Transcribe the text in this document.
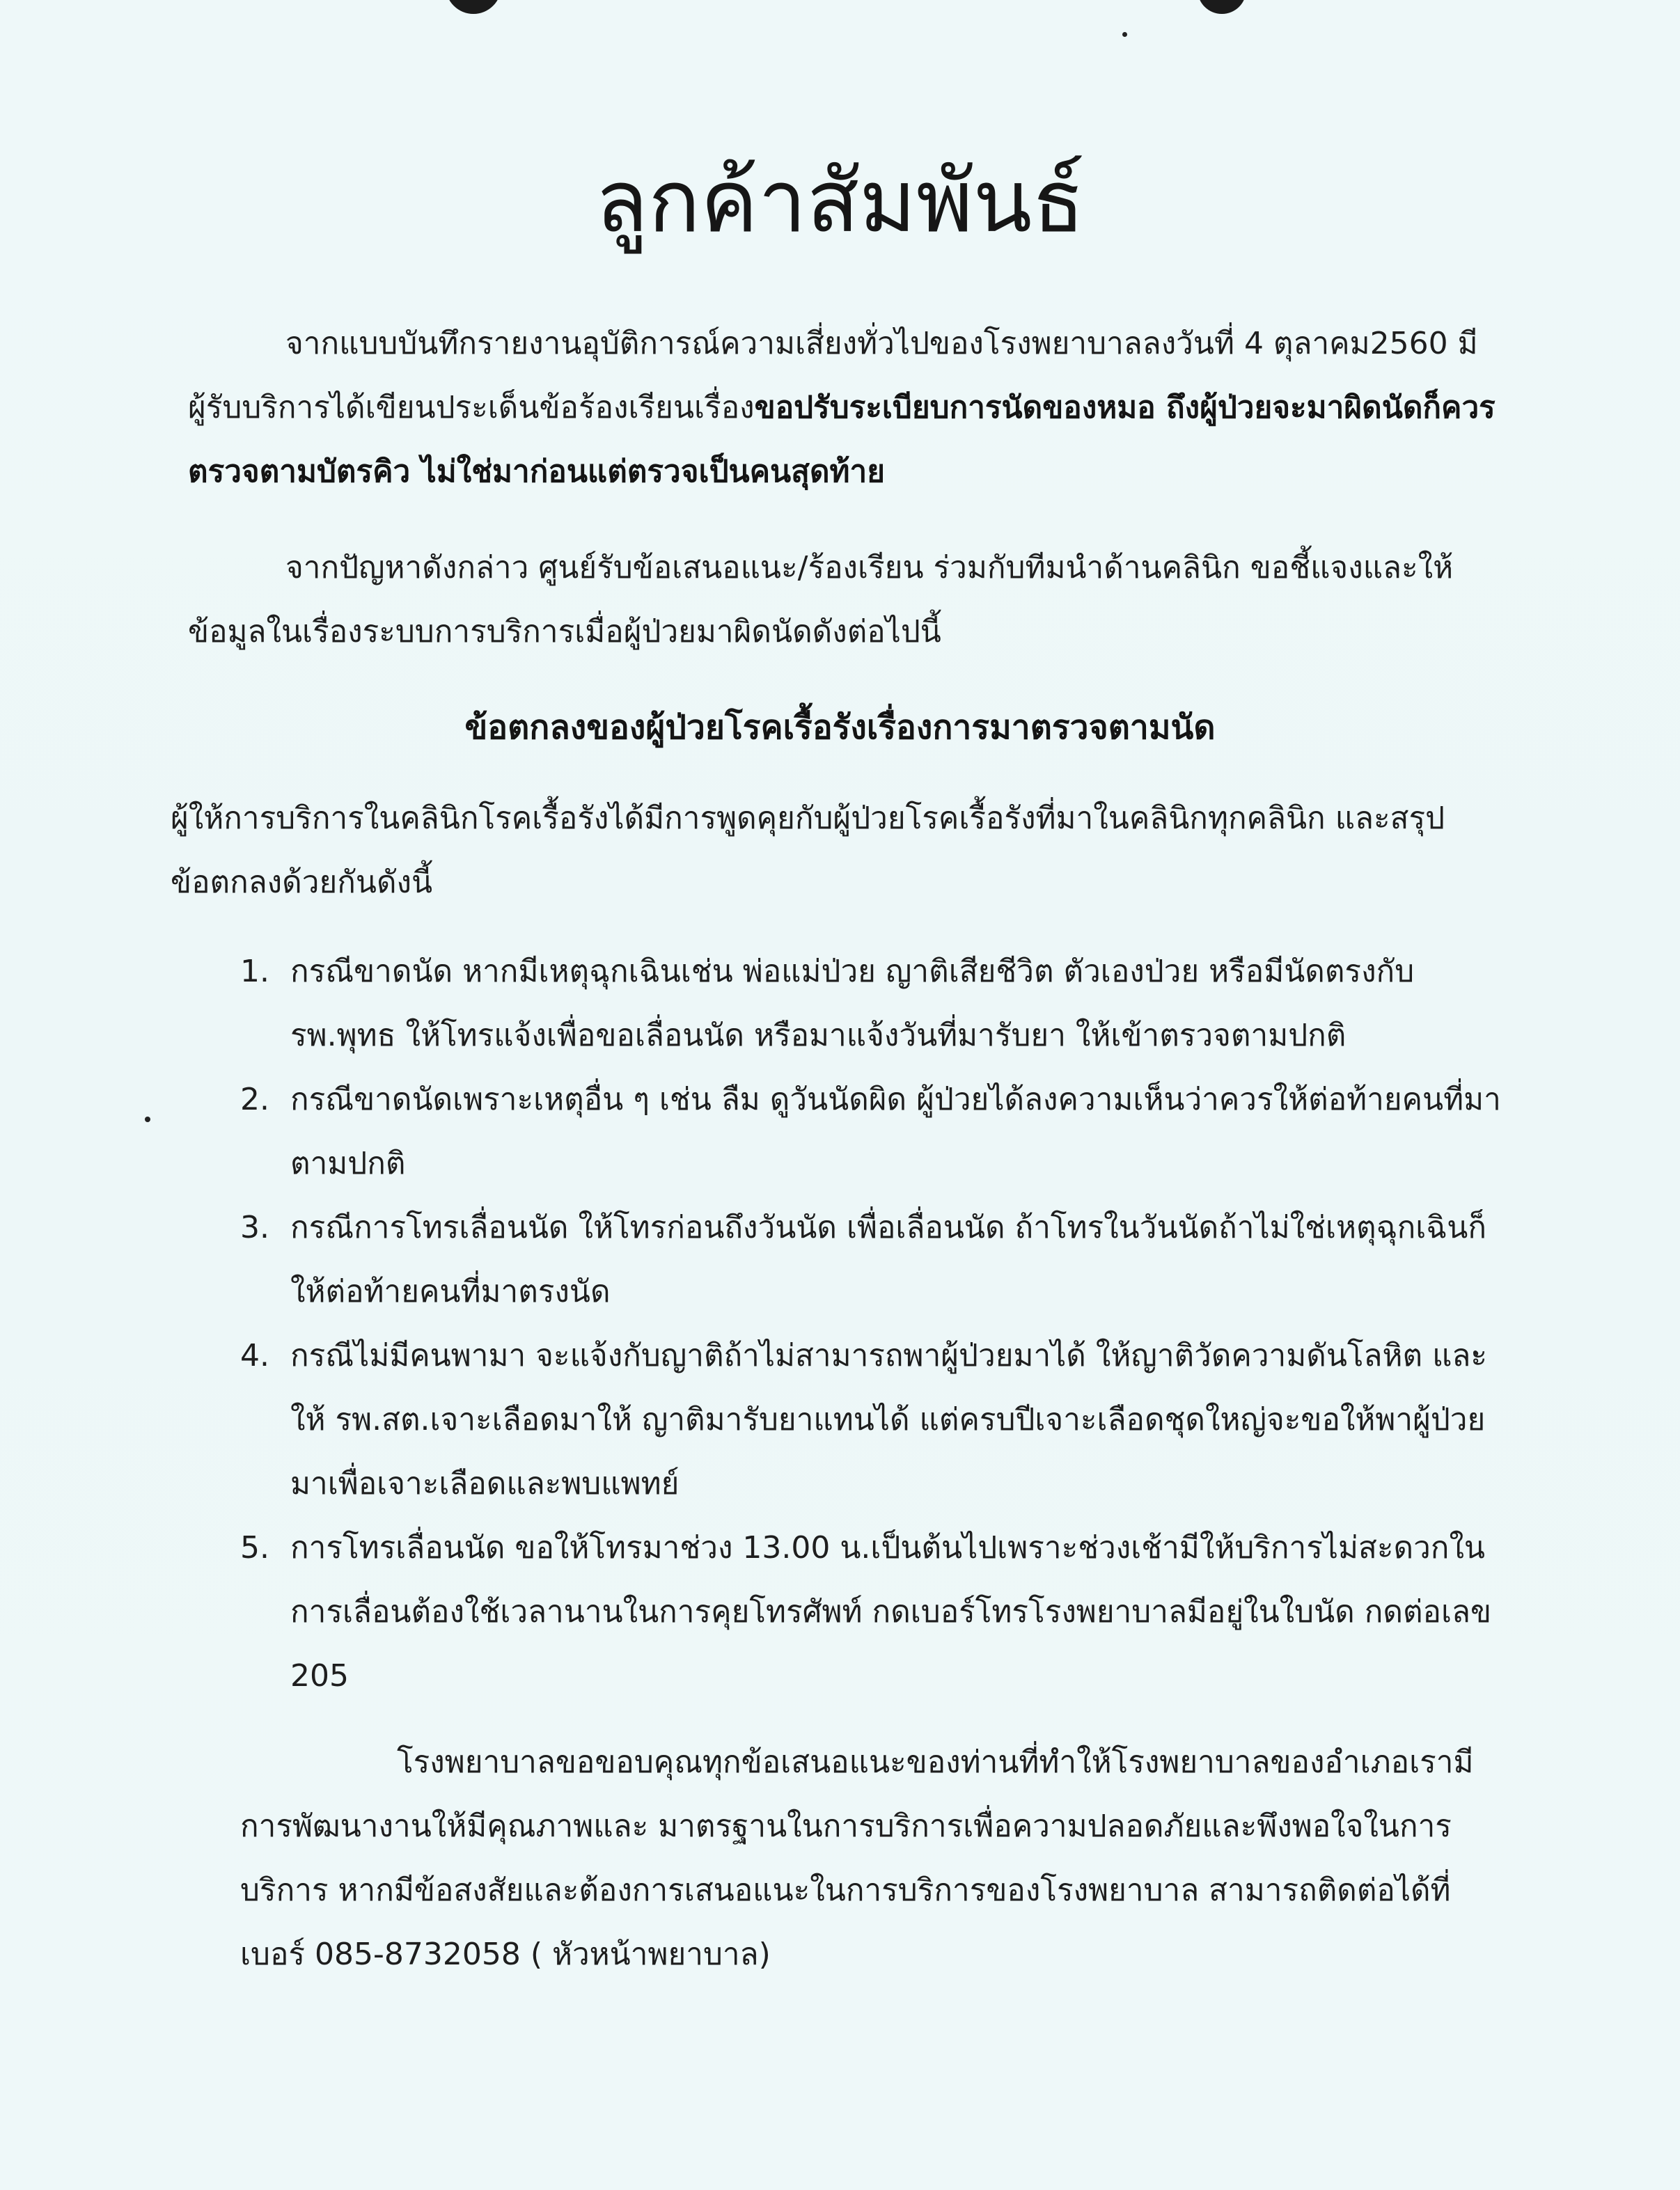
ลูกค้าสัมพันธ์

จากแบบบันทึกรายงานอุบัติการณ์ความเสี่ยงทั่วไปของโรงพยาบาลลงวันที่ 4 ตุลาคม2560 มีผู้รับบริการได้เขียนประเด็นข้อร้องเรียนเรื่องขอปรับระเบียบการนัดของหมอ ถึงผู้ป่วยจะมาผิดนัดก็ควรตรวจตามบัตรคิว ไม่ใช่มาก่อนแต่ตรวจเป็นคนสุดท้าย

จากปัญหาดังกล่าว ศูนย์รับข้อเสนอแนะ/ร้องเรียน ร่วมกับทีมนำด้านคลินิก ขอชี้แจงและให้ข้อมูลในเรื่องระบบการบริการเมื่อผู้ป่วยมาผิดนัดดังต่อไปนี้

ข้อตกลงของผู้ป่วยโรคเรื้อรังเรื่องการมาตรวจตามนัด

ผู้ให้การบริการในคลินิกโรคเรื้อรังได้มีการพูดคุยกับผู้ป่วยโรคเรื้อรังที่มาในคลินิกทุกคลินิก และสรุปข้อตกลงด้วยกันดังนี้

1. กรณีขาดนัด หากมีเหตุฉุกเฉินเช่น พ่อแม่ป่วย ญาติเสียชีวิต ตัวเองป่วย หรือมีนัดตรงกับ รพ.พุทธ ให้โทรแจ้งเพื่อขอเลื่อนนัด หรือมาแจ้งวันที่มารับยา ให้เข้าตรวจตามปกติ
2. กรณีขาดนัดเพราะเหตุอื่น ๆ เช่น ลืม ดูวันนัดผิด ผู้ป่วยได้ลงความเห็นว่าควรให้ต่อท้ายคนที่มาตามปกติ
3. กรณีการโทรเลื่อนนัด ให้โทรก่อนถึงวันนัด เพื่อเลื่อนนัด ถ้าโทรในวันนัดถ้าไม่ใช่เหตุฉุกเฉินก็ให้ต่อท้ายคนที่มาตรงนัด
4. กรณีไม่มีคนพามา จะแจ้งกับญาติถ้าไม่สามารถพาผู้ป่วยมาได้ ให้ญาติวัดความดันโลหิต และให้ รพ.สต.เจาะเลือดมาให้ ญาติมารับยาแทนได้ แต่ครบปีเจาะเลือดชุดใหญ่จะขอให้พาผู้ป่วยมาเพื่อเจาะเลือดและพบแพทย์
5. การโทรเลื่อนนัด ขอให้โทรมาช่วง 13.00 น.เป็นต้นไปเพราะช่วงเช้ามีให้บริการไม่สะดวกในการเลื่อนต้องใช้เวลานานในการคุยโทรศัพท์ กดเบอร์โทรโรงพยาบาลมีอยู่ในใบนัด กดต่อเลข 205

โรงพยาบาลขอขอบคุณทุกข้อเสนอแนะของท่านที่ทำให้โรงพยาบาลของอำเภอเรามีการพัฒนางานให้มีคุณภาพและ มาตรฐานในการบริการเพื่อความปลอดภัยและพึงพอใจในการบริการ หากมีข้อสงสัยและต้องการเสนอแนะในการบริการของโรงพยาบาล สามารถติดต่อได้ที่เบอร์ 085-8732058 ( หัวหน้าพยาบาล)
